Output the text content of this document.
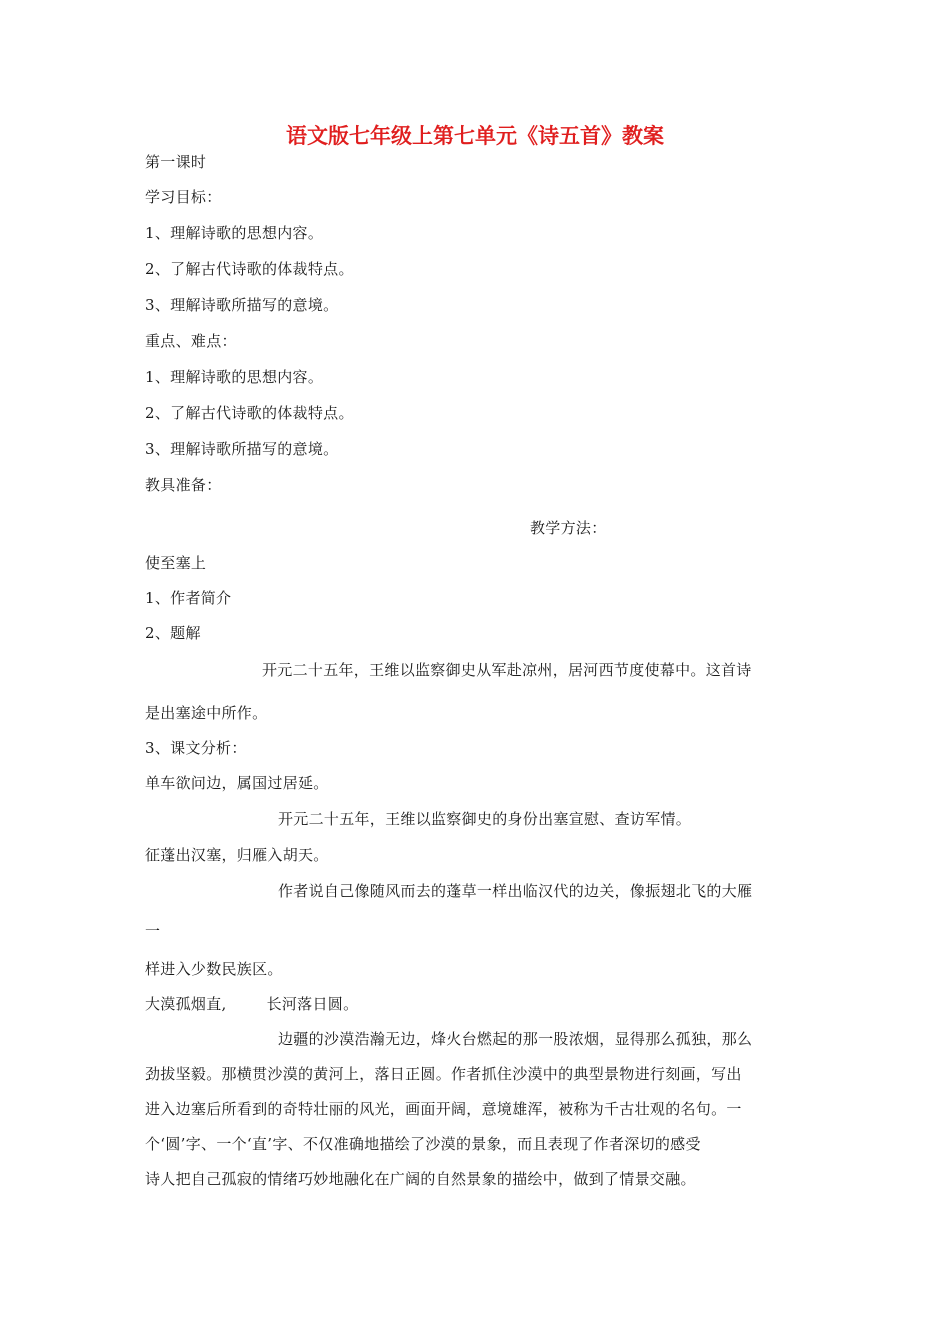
语文版七年级上第七单元《诗五首》教案
第一课时
学习目标：
1、理解诗歌的思想内容。
2、了解古代诗歌的体裁特点。
3、理解诗歌所描写的意境。
重点、难点：
1、理解诗歌的思想内容。
2、了解古代诗歌的体裁特点。
3、理解诗歌所描写的意境。
教具准备：
教学方法：
使至塞上
1、作者简介
2、题解
开元二十五年，王维以监察御史从军赴凉州，居河西节度使幕中。这首诗
是出塞途中所作。
3、课文分析：
单车欲问边，属国过居延。
开元二十五年，王维以监察御史的身份出塞宣慰、查访军情。
征蓬出汉塞，归雁入胡天。
作者说自己像随风而去的蓬草一样出临汉代的边关，像振翅北飞的大雁
一
样进入少数民族区。
大漠孤烟直,	长河落日圆。
边疆的沙漠浩瀚无边，烽火台燃起的那一股浓烟，显得那么孤独，那么
劲拔坚毅。那横贯沙漠的黄河上，落日正圆。作者抓住沙漠中的典型景物进行刻画，写出
进入边塞后所看到的奇特壮丽的风光，画面开阔，意境雄浑，被称为千古壮观的名句。一
个‘圆’字、一个‘直’字、不仅准确地描绘了沙漠的景象，而且表现了作者深切的感受
诗人把自己孤寂的情绪巧妙地融化在广阔的自然景象的描绘中，做到了情景交融。
